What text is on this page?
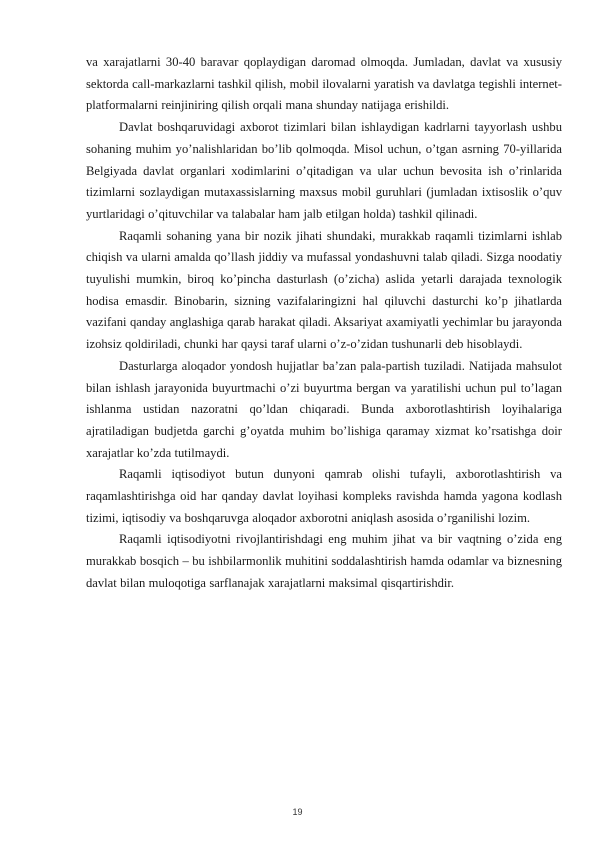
va xarajatlarni 30-40 baravar qoplaydigan daromad olmoqda. Jumladan, davlat va xususiy sektorda call-markazlarni tashkil qilish, mobil ilovalarni yaratish va davlatga tegishli internet-platformalarni reinjiniring qilish orqali mana shunday natijaga erishildi.

Davlat boshqaruvidagi axborot tizimlari bilan ishlaydigan kadrlarni tayyorlash ushbu sohaning muhim yo’nalishlaridan bo’lib qolmoqda. Misol uchun, o’tgan asrning 70-yillarida Belgiyada davlat organlari xodimlarini o’qitadigan va ular uchun bevosita ish o’rinlarida tizimlarni sozlaydigan mutaxassislarning maxsus mobil guruhlari (jumladan ixtisoslik o’quv yurtlaridagi o’qituvchilar va talabalar ham jalb etilgan holda) tashkil qilinadi.

Raqamli sohaning yana bir nozik jihati shundaki, murakkab raqamli tizimlarni ishlab chiqish va ularni amalda qo’llash jiddiy va mufassal yondashuvni talab qiladi. Sizga noodatiy tuyulishi mumkin, biroq ko’pincha dasturlash (o’zicha) aslida yetarli darajada texnologik hodisa emasdir. Binobarin, sizning vazifalaringizni hal qiluvchi dasturchi ko’p jihatlarda vazifani qanday anglashiga qarab harakat qiladi. Aksariyat axamiyatli yechimlar bu jarayonda izohsiz qoldiriladi, chunki har qaysi taraf ularni o’z-o’zidan tushunarli deb hisoblaydi.

Dasturlarga aloqador yondosh hujjatlar ba’zan pala-partish tuziladi. Natijada mahsulot bilan ishlash jarayonida buyurtmachi o’zi buyurtma bergan va yaratilishi uchun pul to’lagan ishlanma ustidan nazoratni qo’ldan chiqaradi. Bunda axborotlashtirish loyihalariga ajratiladigan budjetda garchi g’oyatda muhim bo’lishiga qaramay xizmat ko’rsatishga doir xarajatlar ko’zda tutilmaydi.

Raqamli iqtisodiyot butun dunyoni qamrab olishi tufayli, axborotlashtirish va raqamlashtirishga oid har qanday davlat loyihasi kompleks ravishda hamda yagona kodlash tizimi, iqtisodiy va boshqaruvga aloqador axborotni aniqlash asosida o’rganilishi lozim.

Raqamli iqtisodiyotni rivojlantirishdagi eng muhim jihat va bir vaqtning o’zida eng murakkab bosqich – bu ishbilarmonlik muhitini soddalashtirish hamda odamlar va biznesning davlat bilan muloqotiga sarflanajak xarajatlarni maksimal qisqartirishdir.

19
